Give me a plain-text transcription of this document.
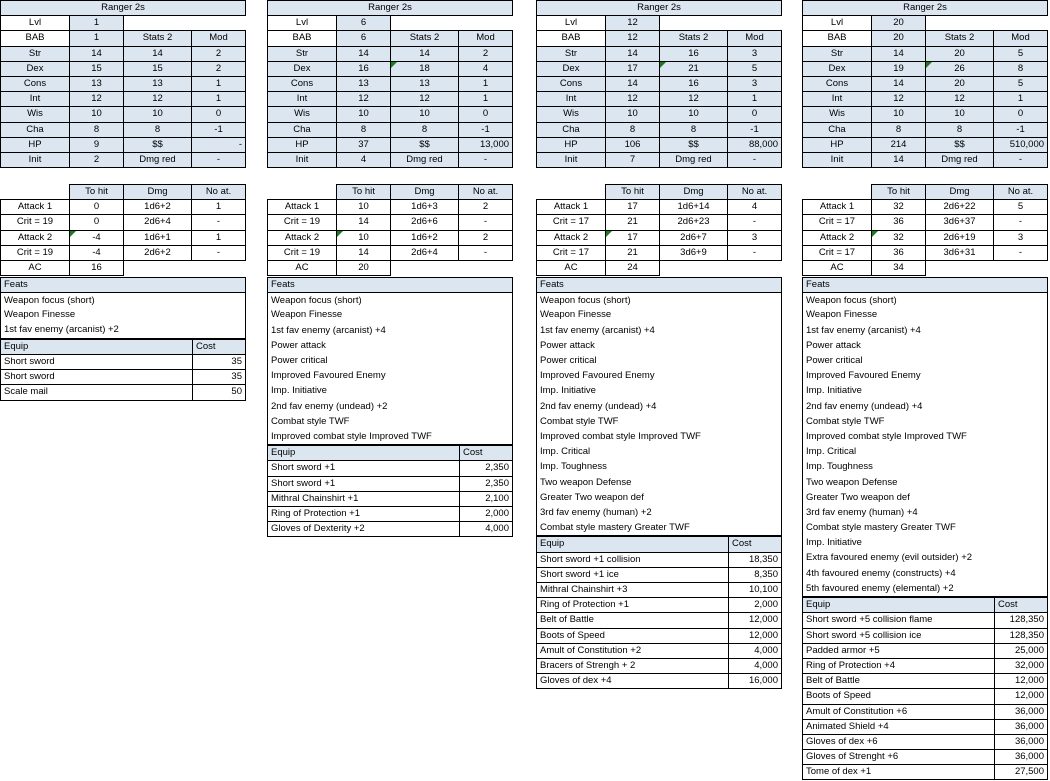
Ranger 2s			
Lvl	1		
BAB	1	Stats 2	Mod
Str	14	14	2
Dex	15	15	2
Cons	13	13	1
Int	12	12	1
Wis	10	10	0
Cha	8	8	-1
HP	9	$$	-
Init	2	Dmg red	-
	To hit	Dmg	No at.
Attack 1	0	1d6+2	1
Crit = 19	0	2d6+4	-
Attack 2	-4	1d6+1	1
Crit = 19	-4	2d6+2	-
AC	16		
Feats
Weapon focus (short)
Weapon Finesse
1st fav enemy (arcanist) +2
Equip	Cost
Short sword	35
Short sword	35
Scale mail	50
Ranger 2s			
Lvl	6		
BAB	6	Stats 2	Mod
Str	14	14	2
Dex	16	18	4
Cons	13	13	1
Int	12	12	1
Wis	10	10	0
Cha	8	8	-1
HP	37	$$	13,000
Init	4	Dmg red	-
	To hit	Dmg	No at.
Attack 1	10	1d6+3	2
Crit = 19	14	2d6+6	-
Attack 2	10	1d6+2	2
Crit = 19	14	2d6+4	-
AC	20		
Feats
Weapon focus (short)
Weapon Finesse
1st fav enemy (arcanist) +4
Power attack
Power critical
Improved Favoured Enemy
Imp. Initiative
2nd fav enemy (undead) +2
Combat style TWF
Improved combat style Improved TWF
Equip	Cost
Short sword +1	2,350
Short sword +1	2,350
Mithral Chainshirt +1	2,100
Ring of Protection +1	2,000
Gloves of Dexterity +2	4,000
Ranger 2s			
Lvl	12		
BAB	12	Stats 2	Mod
Str	14	16	3
Dex	17	21	5
Cons	14	16	3
Int	12	12	1
Wis	10	10	0
Cha	8	8	-1
HP	106	$$	88,000
Init	7	Dmg red	-
	To hit	Dmg	No at.
Attack 1	17	1d6+14	4
Crit = 17	21	2d6+23	-
Attack 2	17	2d6+7	3
Crit = 17	21	3d6+9	-
AC	24		
Feats
Weapon focus (short)
Weapon Finesse
1st fav enemy (arcanist) +4
Power attack
Power critical
Improved Favoured Enemy
Imp. Initiative
2nd fav enemy (undead) +4
Combat style TWF
Improved combat style Improved TWF
Imp. Critical
Imp. Toughness
Two weapon Defense
Greater Two weapon def
3rd fav enemy (human) +2
Combat style mastery Greater TWF
Equip	Cost
Short sword +1 collision	18,350
Short sword +1 ice	8,350
Mithral Chainshirt +3	10,100
Ring of Protection +1	2,000
Belt of Battle	12,000
Boots of Speed	12,000
Amult of Constitution +2	4,000
Bracers of Strengh + 2	4,000
Gloves of dex +4	16,000
Ranger 2s			
Lvl	20		
BAB	20	Stats 2	Mod
Str	14	20	5
Dex	19	26	8
Cons	14	20	5
Int	12	12	1
Wis	10	10	0
Cha	8	8	-1
HP	214	$$	510,000
Init	14	Dmg red	-
	To hit	Dmg	No at.
Attack 1	32	2d6+22	5
Crit = 17	36	3d6+37	-
Attack 2	32	2d6+19	3
Crit = 17	36	3d6+31	-
AC	34		
Feats
Weapon focus (short)
Weapon Finesse
1st fav enemy (arcanist) +4
Power attack
Power critical
Improved Favoured Enemy
Imp. Initiative
2nd fav enemy (undead) +4
Combat style TWF
Improved combat style Improved TWF
Imp. Critical
Imp. Toughness
Two weapon Defense
Greater Two weapon def
3rd fav enemy (human) +4
Combat style mastery Greater TWF
Imp. Initiative
Extra favoured enemy (evil outsider) +2
4th favoured enemy (constructs) +4
5th favoured enemy (elemental) +2
Equip	Cost
Short sword +5 collision flame	128,350
Short sword +5 collision ice	128,350
Padded armor +5	25,000
Ring of Protection +4	32,000
Belt of Battle	12,000
Boots of Speed	12,000
Amult of Constitution +6	36,000
Animated Shield +4	36,000
Gloves of dex +6	36,000
Gloves of Strenght +6	36,000
Tome of dex +1	27,500
